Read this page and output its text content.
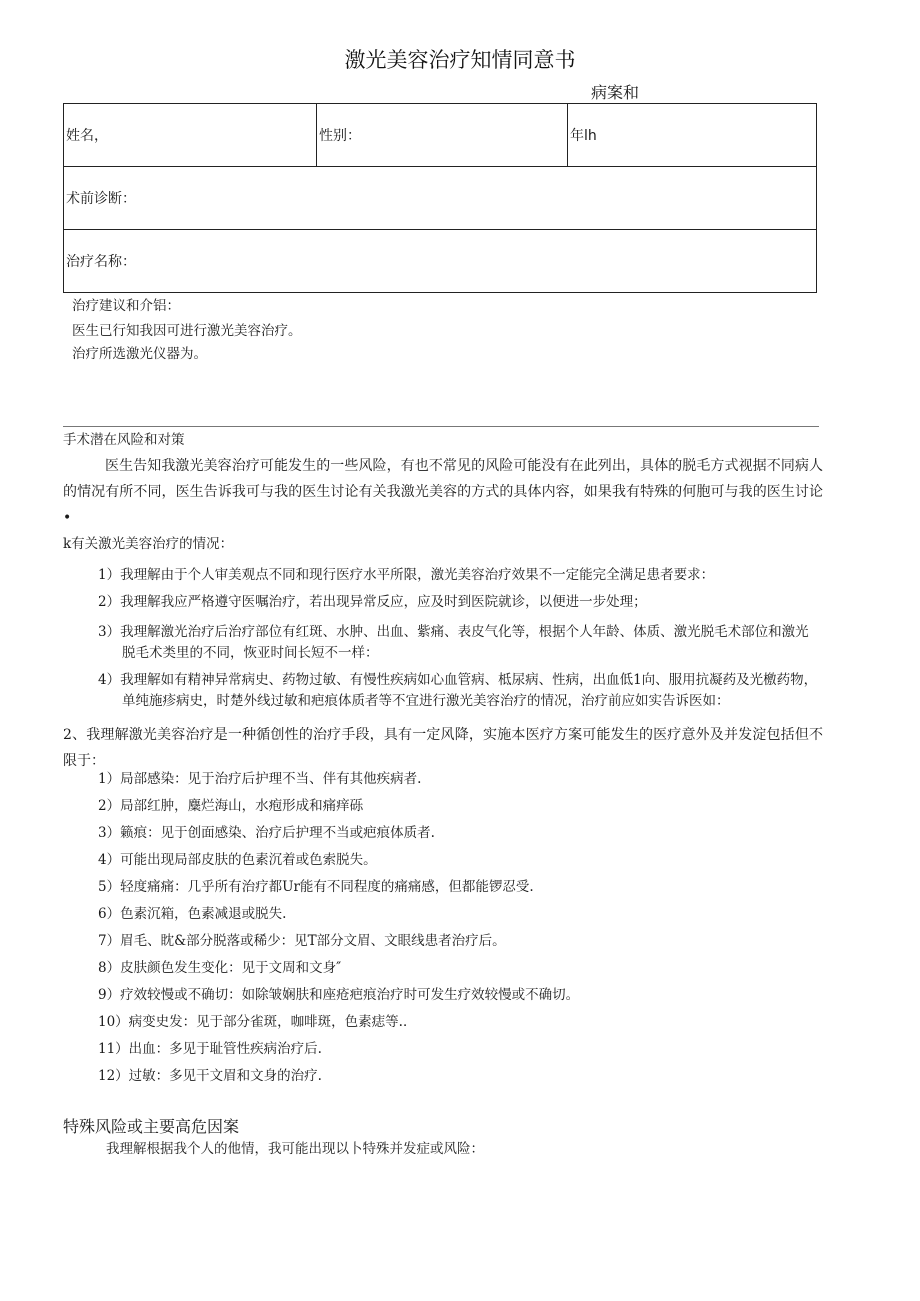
激光美容治疗知情同意书
病案和
姓名，	性别：	年lh
术前诊断：
治疗名称：
治疗建议和介铝：
医生已行知我因可进行激光美容治疗。
治疗所选激光仪器为。
手术潜在风险和对策
医生告知我激光美容治疗可能发生的一些风险，有也不常见的风险可能没有在此列出，具体的脱毛方式视据不同病人的情况有所不同，医生告诉我可与我的医生讨论有关我激光美容的方式的具体内容，如果我有特殊的何胞可与我的医生讨论•
k有关激光美容治疗的情况：
1）我理解由于个人审美观点不同和现行医疗水平所限，激光美容治疗效果不一定能完全满足患者要求：
2）我理解我应严格遵守医嘱治疗，若出现异常反应，应及时到医院就诊，以便进一步处理；
3）我理解激光治疗后治疗部位有红斑、水肿、出血、紫痛、表皮气化等，根据个人年龄、体质、激光脱毛术部位和激光脱毛术类里的不同，恢亚时间长短不一样：
4）我理解如有精神异常病史、药物过敏、有慢性疾病如心血管病、柢尿病、性病，出血低1向、服用抗凝药及光檄药物，单纯施疹病史，时楚外线过敏和疤痕体质者等不宜进行激光美容治疗的情况，治疗前应如实告诉医如：
2、我理解激光美容治疗是一种循创性的治疗手段，具有一定风降，实施本医疗方案可能发生的医疗意外及并发淀包括但不限于：
1）局部感染：见于治疗后护理不当、伴有其他疾病者.
2）局部红肿，麋烂海山，水疱形成和痛痒砾
3）籁痕：见于创面感染、治疗后护理不当或疤痕体质者.
4）可能出现局部皮肤的色素沉着或色索脱失。
5）轻度痛痛：几乎所有治疗都Ur能有不同程度的痛痛感，但都能锣忍受.
6）色素沉箱，色素减退或脱失.
7）眉毛、眈&部分脱落或稀少：见T部分文眉、文眼线患者治疗后。
8）皮肤颜色发生变化：见于文周和文身″
9）疗效较慢或不确切：如除皱娴肤和座疮疤痕治疗时可发生疗效较慢或不确切。
10）病变史发：见于部分雀斑，咖啡斑，色素痣等.．
11）出血：多见于耻管性疾病治疗后.
12）过敏：多见干文眉和文身的治疗.
特殊风险或主要高危因案
我理解根据我个人的他情，我可能出现以卜特殊并发症或风险：
